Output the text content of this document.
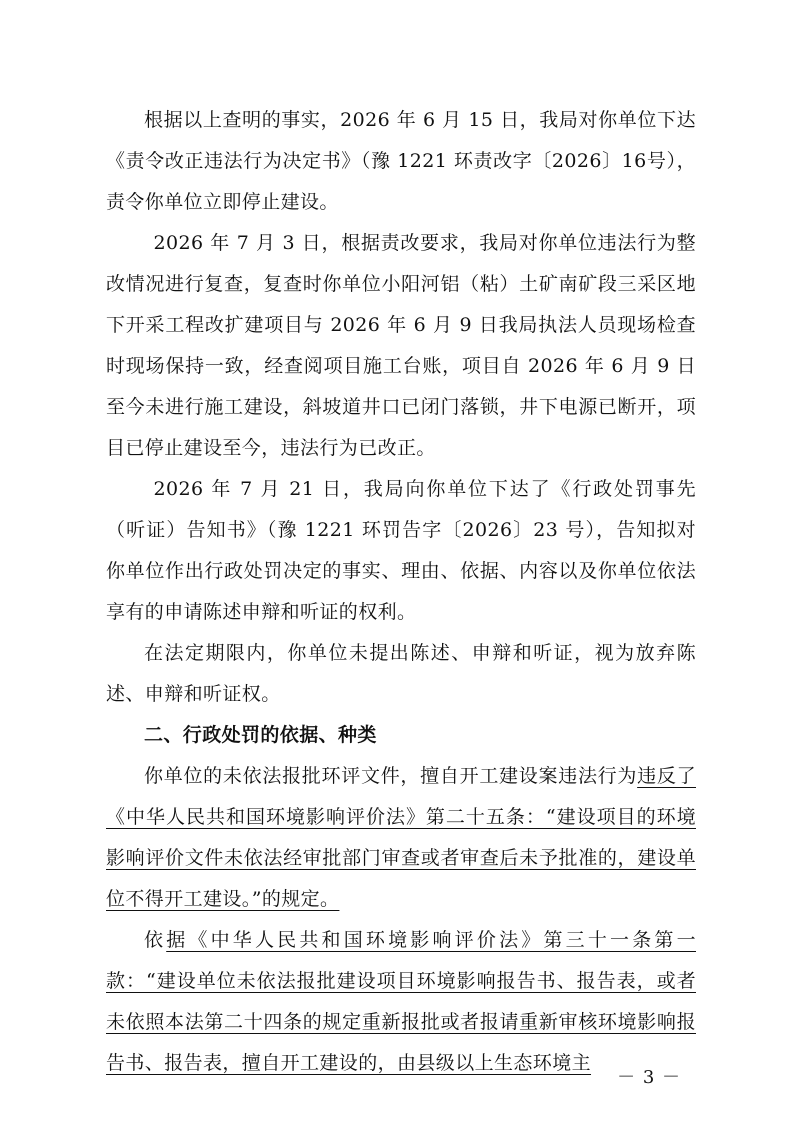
根据以上查明的事实，2026 年 6 月 15 日，我局对你单位下达《责令改正违法行为决定书》（豫 1221 环责改字〔2026〕16号），责令你单位立即停止建设。

2026 年 7 月 3 日，根据责改要求，我局对你单位违法行为整改情况进行复查，复查时你单位小阳河铝（粘）土矿南矿段三采区地下开采工程改扩建项目与 2026 年 6 月 9 日我局执法人员现场检查时现场保持一致，经查阅项目施工台账，项目自 2026 年 6 月 9 日至今未进行施工建设，斜坡道井口已闭门落锁，井下电源已断开，项目已停止建设至今，违法行为已改正。

2026 年 7 月 21 日，我局向你单位下达了《行政处罚事先（听证）告知书》（豫 1221 环罚告字〔2026〕23 号），告知拟对你单位作出行政处罚决定的事实、理由、依据、内容以及你单位依法享有的申请陈述申辩和听证的权利。

在法定期限内，你单位未提出陈述、申辩和听证，视为放弃陈述、申辩和听证权。

二、行政处罚的依据、种类

你单位的未依法报批环评文件，擅自开工建设案违法行为违反了《中华人民共和国环境影响评价法》第二十五条：“建设项目的环境影响评价文件未依法经审批部门审查或者审查后未予批准的，建设单位不得开工建设。”的规定。

依据《中华人民共和国环境影响评价法》第三十一条第一款：“建设单位未依法报批建设项目环境影响报告书、报告表，或者未依照本法第二十四条的规定重新报批或者报请重新审核环境影响报告书、报告表，擅自开工建设的，由县级以上生态环境主

－ 3 －
